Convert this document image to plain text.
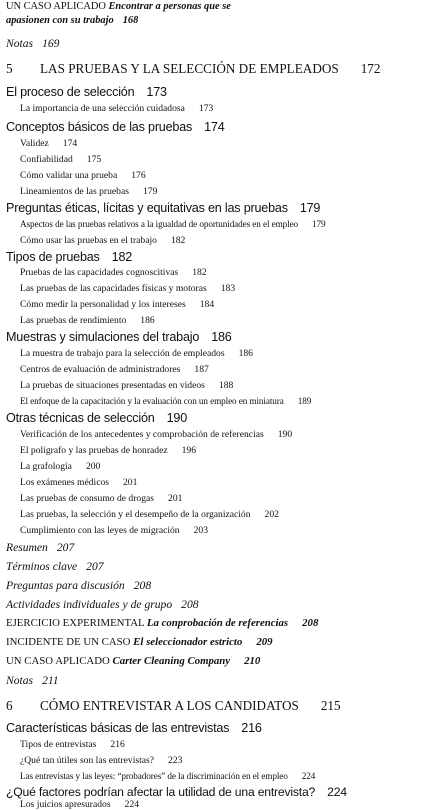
UN CASO APLICADO Encontrar a personas que se
apasionen con su trabajo 168
Notas 169
5 LAS PRUEBAS Y LA SELECCIÓN DE EMPLEADOS 172
El proceso de selección 173
La importancia de una selección cuidadosa 173
Conceptos básicos de las pruebas 174
Validez 174
Confiabilidad 175
Cómo validar una prueba 176
Lineamientos de las pruebas 179
Preguntas éticas, lícitas y equitativas en las pruebas 179
Aspectos de las pruebas relativos a la igualdad de oportunidades en el empleo 179
Cómo usar las pruebas en el trabajo 182
Tipos de pruebas 182
Pruebas de las capacidades cognoscitivas 182
Las pruebas de las capacidades físicas y motoras 183
Cómo medir la personalidad y los intereses 184
Las pruebas de rendimiento 186
Muestras y simulaciones del trabajo 186
La muestra de trabajo para la selección de empleados 186
Centros de evaluación de administradores 187
La pruebas de situaciones presentadas en videos 188
El enfoque de la capacitación y la evaluación con un empleo en miniatura 189
Otras técnicas de selección 190
Verificación de los antecedentes y comprobación de referencias 190
El polígrafo y las pruebas de honradez 196
La grafología 200
Los exámenes médicos 201
Las pruebas de consumo de drogas 201
Las pruebas, la selección y el desempeño de la organización 202
Cumplimiento con las leyes de migración 203
Resumen 207
Términos clave 207
Preguntas para discusión 208
Actividades individuales y de grupo 208
EJERCICIO EXPERIMENTAL La conprobación de referencias 208
INCIDENTE DE UN CASO El seleccionador estricto 209
UN CASO APLICADO Carter Cleaning Company 210
Notas 211
6 CÓMO ENTREVISTAR A LOS CANDIDATOS 215
Características básicas de las entrevistas 216
Tipos de entrevistas 216
¿Qué tan útiles son las entrevistas? 223
Las entrevistas y las leyes: “probadores” de la discriminación en el empleo 224
¿Qué factores podrían afectar la utilidad de una entrevista? 224
Los juicios apresurados 224
